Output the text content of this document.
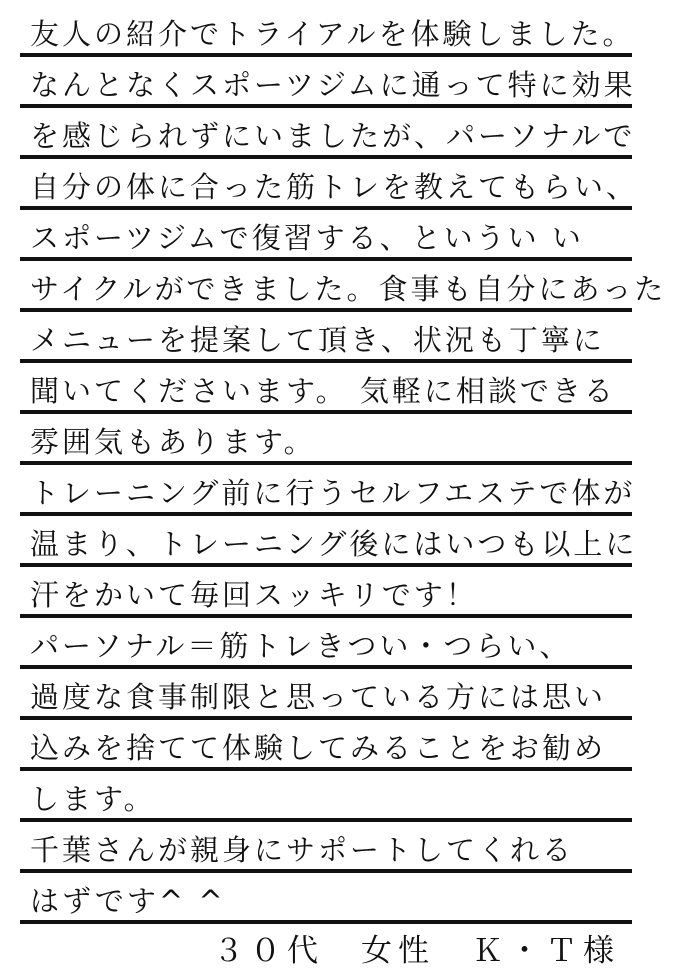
友人の紹介でトライアルを体験しました。
なんとなくスポーツジムに通って特に効果
を感じられずにいましたが、パーソナルで
自分の体に合った筋トレを教えてもらい、
スポーツジムで復習する、というい い
サイクルができました。食事も自分にあった
メニューを提案して頂き、状況も丁寧に
聞いてくださいます。 気軽に相談できる
雰囲気もあります。
トレーニング前に行うセルフエステで体が
温まり、トレーニング後にはいつも以上に
汗をかいて毎回スッキリです！
パーソナル＝筋トレきつい・つらい、
過度な食事制限と思っている方には思い
込みを捨てて体験してみることをお勧め
します。
千葉さんが親身にサポートしてくれる
はずです^ ^
３０代　女性　Ｋ・Ｔ様
